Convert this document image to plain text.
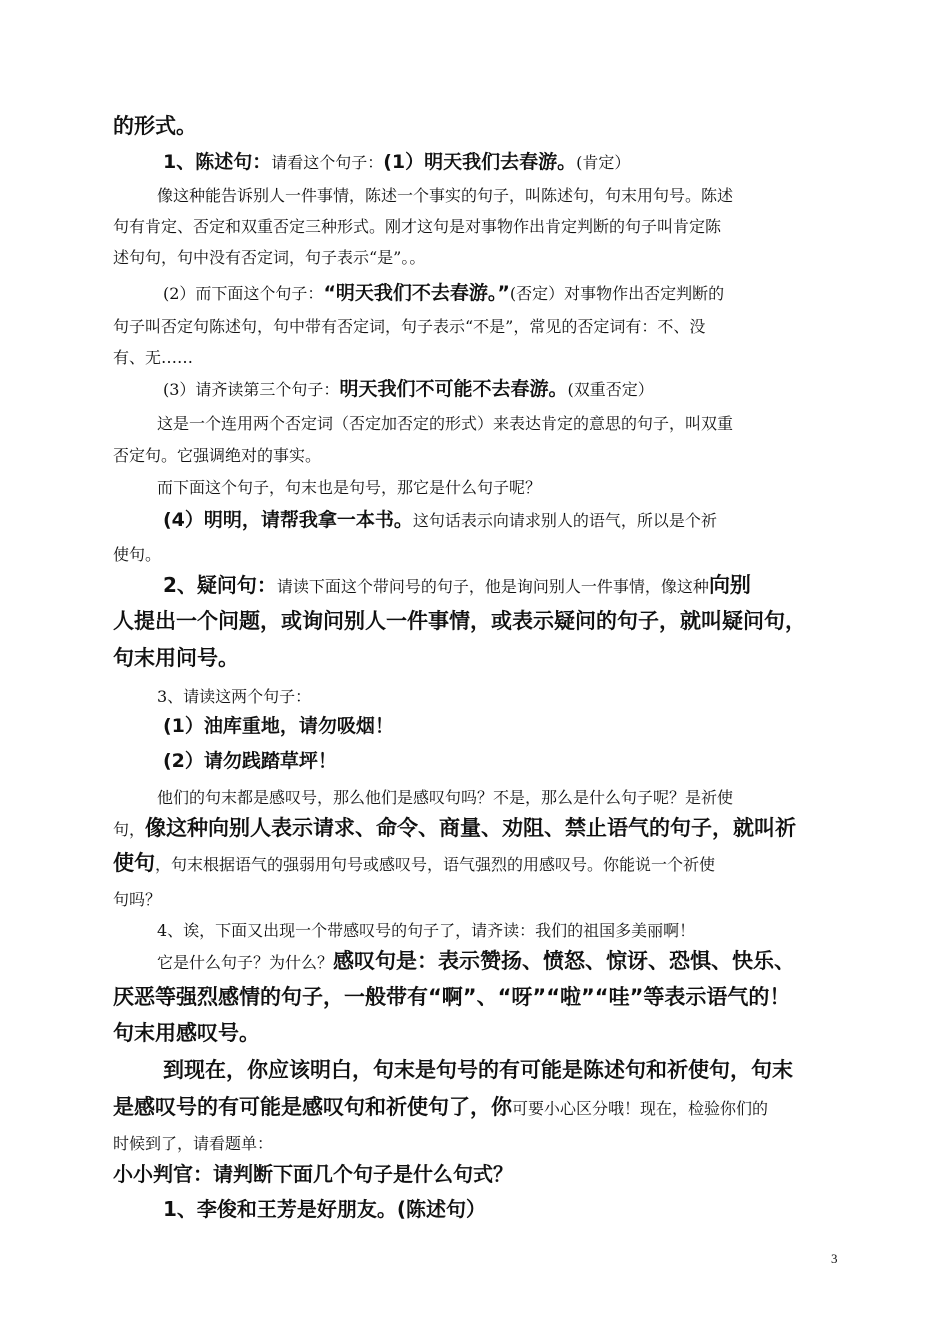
的形式。
1、陈述句：请看这个句子：(1）明天我们去春游。(肯定）
像这种能告诉别人一件事情，陈述一个事实的句子，叫陈述句，句末用句号。陈述
句有肯定、否定和双重否定三种形式。刚才这句是对事物作出肯定判断的句子叫肯定陈
述句句，句中没有否定词，句子表示“是”。。
(2）而下面这个句子：“明天我们不去春游。”(否定）对事物作出否定判断的
句子叫否定句陈述句，句中带有否定词，句子表示“不是”，常见的否定词有：不、没
有、无……
(3）请齐读第三个句子：明天我们不可能不去春游。(双重否定）
这是一个连用两个否定词（否定加否定的形式）来表达肯定的意思的句子，叫双重
否定句。它强调绝对的事实。
而下面这个句子，句末也是句号，那它是什么句子呢？
(4）明明，请帮我拿一本书。这句话表示向请求别人的语气，所以是个祈
使句。
2、疑问句：请读下面这个带问号的句子，他是询问别人一件事情，像这种向别
人提出一个问题，或询问别人一件事情，或表示疑问的句子，就叫疑问句，
句末用问号。
3、请读这两个句子：
(1）油库重地，请勿吸烟！
(2）请勿践踏草坪！
他们的句末都是感叹号，那么他们是感叹句吗？不是，那么是什么句子呢？是祈使
句，像这种向别人表示请求、命令、商量、劝阻、禁止语气的句子，就叫祈
使句，句末根据语气的强弱用句号或感叹号，语气强烈的用感叹号。你能说一个祈使
句吗？
4、诶，下面又出现一个带感叹号的句子了，请齐读：我们的祖国多美丽啊！
它是什么句子？为什么？感叹句是：表示赞扬、愤怒、惊讶、恐惧、快乐、
厌恶等强烈感情的句子，一般带有“啊”、“呀”“啦”“哇”等表示语气的！
句末用感叹号。
到现在，你应该明白，句末是句号的有可能是陈述句和祈使句，句末
是感叹号的有可能是感叹句和祈使句了，你可要小心区分哦！现在，检验你们的
时候到了，请看题单：
小小判官：请判断下面几个句子是什么句式？
1、李俊和王芳是好朋友。(陈述句）
3
